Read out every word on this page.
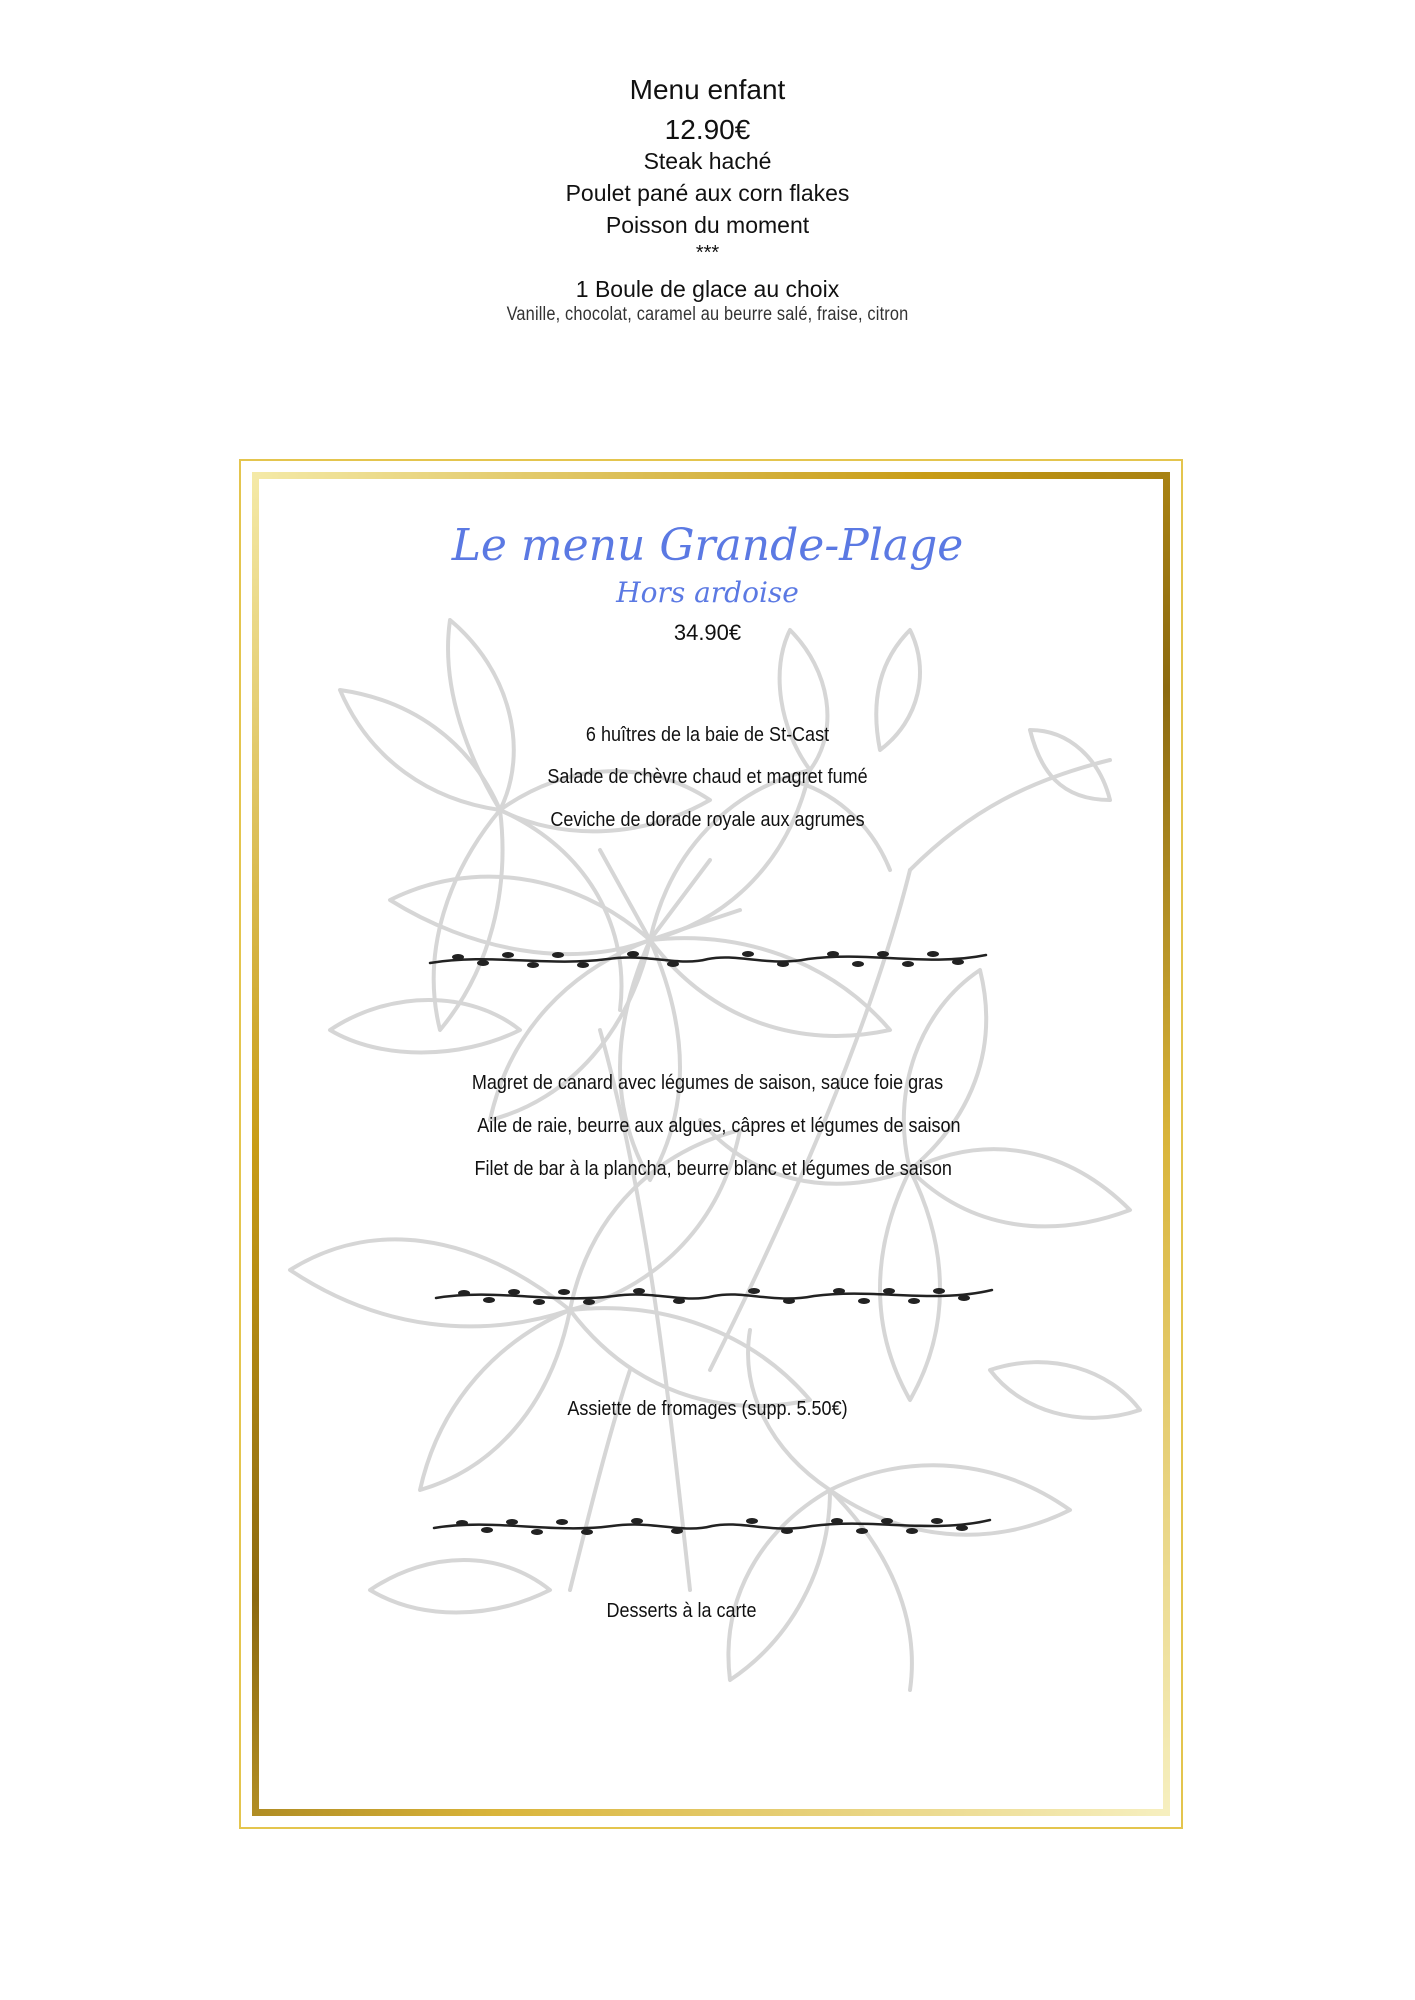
Menu enfant
12.90€
Steak haché
Poulet pané aux corn flakes
Poisson du moment
***
1 Boule de glace au choix
Vanille, chocolat, caramel au beurre salé, fraise, citron
Le menu Grande-Plage
Hors ardoise
34.90€
6 huîtres de la baie de St-Cast
Salade de chèvre chaud et magret fumé
Ceviche de dorade royale aux agrumes
Magret de canard avec légumes de saison, sauce foie gras
Aile de raie, beurre aux algues, câpres et légumes de saison
Filet de bar à la plancha, beurre blanc et légumes de saison
Assiette de fromages (supp. 5.50€)
Desserts à la carte
